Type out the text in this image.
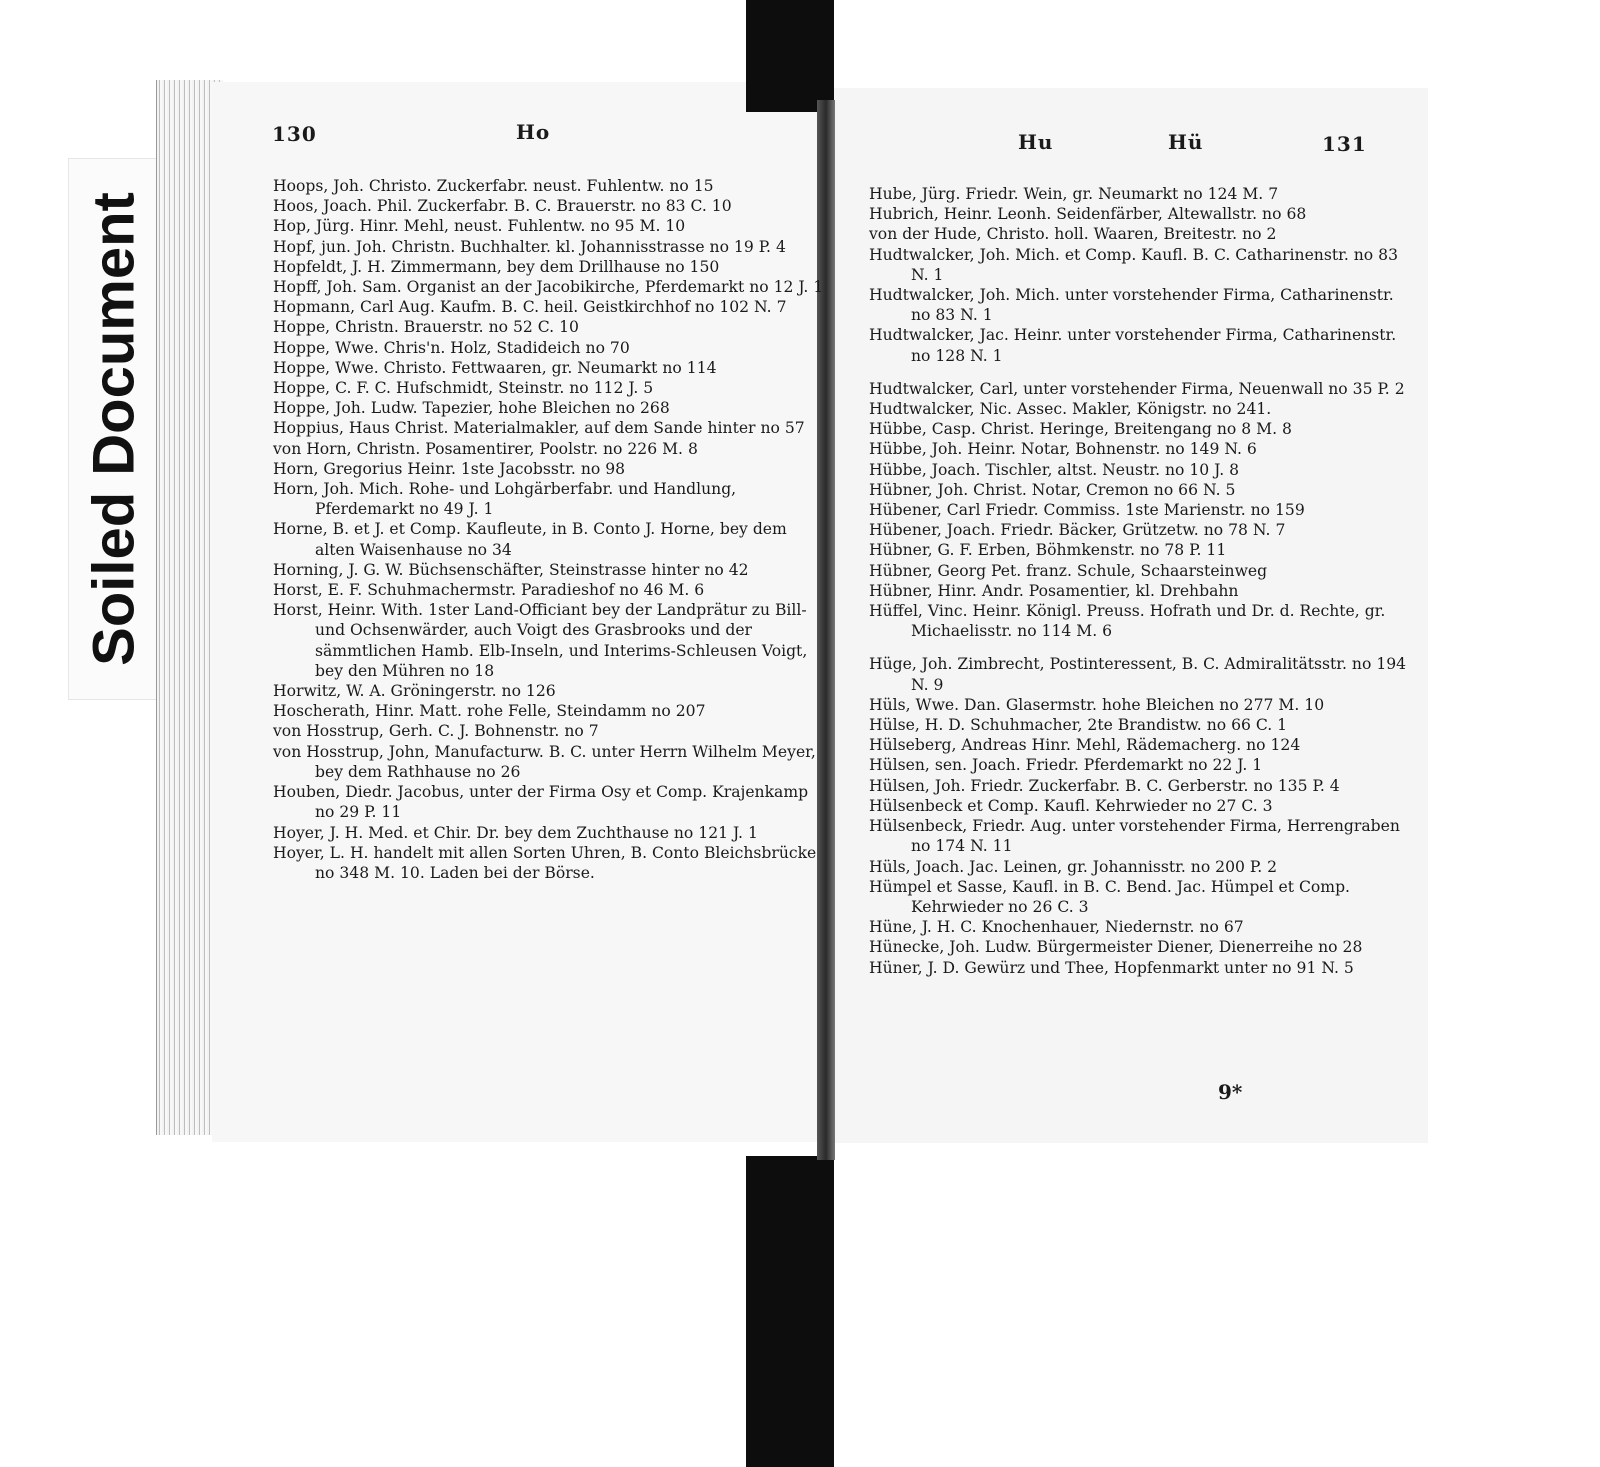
Soiled Document
130	Ho
Hoops, Joh. Christo. Zuckerfabr. neust. Fuhlentw. no 15
Hoos, Joach. Phil. Zuckerfabr. B. C. Brauerstr. no 83 C. 10
Hop, Jürg. Hinr. Mehl, neust. Fuhlentw. no 95 M. 10
Hopf, jun. Joh. Christn. Buchhalter. kl. Johannisstrasse no 19 P. 4
Hopfeldt, J. H. Zimmermann, bey dem Drillhause no 150
Hopff, Joh. Sam. Organist an der Jacobikirche, Pferdemarkt no 12 J. 1
Hopmann, Carl Aug. Kaufm. B. C. heil. Geistkirchhof no 102 N. 7
Hoppe, Christn. Brauerstr. no 52 C. 10
Hoppe, Wwe. Chris'n. Holz, Stadideich no 70
Hoppe, Wwe. Christo. Fettwaaren, gr. Neumarkt no 114
Hoppe, C. F. C. Hufschmidt, Steinstr. no 112 J. 5
Hoppe, Joh. Ludw. Tapezier, hohe Bleichen no 268
Hoppius, Haus Christ. Materialmakler, auf dem Sande hinter no 57
von Horn, Christn. Posamentirer, Poolstr. no 226 M. 8
Horn, Gregorius Heinr. 1ste Jacobsstr. no 98
Horn, Joh. Mich. Rohe- und Lohgärberfabr. und Handlung, Pferdemarkt no 49 J. 1
Horne, B. et J. et Comp. Kaufleute, in B. Conto J. Horne, bey dem alten Waisenhause no 34
Horning, J. G. W. Büchsenschäfter, Steinstrasse hinter no 42
Horst, E. F. Schuhmachermstr. Paradieshof no 46 M. 6
Horst, Heinr. With. 1ster Land-Officiant bey der Landprätur zu Bill- und Ochsenwärder, auch Voigt des Grasbrooks und der sämmtlichen Hamb. Elb-Inseln, und Interims-Schleusen Voigt, bey den Mühren no 18
Horwitz, W. A. Gröningerstr. no 126
Hoscherath, Hinr. Matt. rohe Felle, Steindamm no 207
von Hosstrup, Gerh. C. J. Bohnenstr. no 7
von Hosstrup, John, Manufacturw. B. C. unter Herrn Wilhelm Meyer, bey dem Rathhause no 26
Houben, Diedr. Jacobus, unter der Firma Osy et Comp. Krajenkamp no 29 P. 11
Hoyer, J. H. Med. et Chir. Dr. bey dem Zuchthause no 121 J. 1
Hoyer, L. H. handelt mit allen Sorten Uhren, B. Conto Bleichsbrücke no 348 M. 10. Laden bei der Börse.
Hu	Hü	131
Hube, Jürg. Friedr. Wein, gr. Neumarkt no 124 M. 7
Hubrich, Heinr. Leonh. Seidenfärber, Altewallstr. no 68
von der Hude, Christo. holl. Waaren, Breitestr. no 2
Hudtwalcker, Joh. Mich. et Comp. Kaufl. B. C. Catharinenstr. no 83 N. 1
Hudtwalcker, Joh. Mich. unter vorstehender Firma, Catharinenstr. no 83 N. 1
Hudtwalcker, Jac. Heinr. unter vorstehender Firma, Catharinenstr. no 128 N. 1
Hudtwalcker, Carl, unter vorstehender Firma, Neuenwall no 35 P. 2
Hudtwalcker, Nic. Assec. Makler, Königstr. no 241.
Hübbe, Casp. Christ. Heringe, Breitengang no 8 M. 8
Hübbe, Joh. Heinr. Notar, Bohnenstr. no 149 N. 6
Hübbe, Joach. Tischler, altst. Neustr. no 10 J. 8
Hübner, Joh. Christ. Notar, Cremon no 66 N. 5
Hübener, Carl Friedr. Commiss. 1ste Marienstr. no 159
Hübener, Joach. Friedr. Bäcker, Grützetw. no 78 N. 7
Hübner, G. F. Erben, Böhmkenstr. no 78 P. 11
Hübner, Georg Pet. franz. Schule, Schaarsteinweg
Hübner, Hinr. Andr. Posamentier, kl. Drehbahn
Hüffel, Vinc. Heinr. Königl. Preuss. Hofrath und Dr. d. Rechte, gr. Michaelisstr. no 114 M. 6
Hüge, Joh. Zimbrecht, Postinteressent, B. C. Admiralitätsstr. no 194 N. 9
Hüls, Wwe. Dan. Glasermstr. hohe Bleichen no 277 M. 10
Hülse, H. D. Schuhmacher, 2te Brandistw. no 66 C. 1
Hülseberg, Andreas Hinr. Mehl, Rädemacherg. no 124
Hülsen, sen. Joach. Friedr. Pferdemarkt no 22 J. 1
Hülsen, Joh. Friedr. Zuckerfabr. B. C. Gerberstr. no 135 P. 4
Hülsenbeck et Comp. Kaufl. Kehrwieder no 27 C. 3
Hülsenbeck, Friedr. Aug. unter vorstehender Firma, Herrengraben no 174 N. 11
Hüls, Joach. Jac. Leinen, gr. Johannisstr. no 200 P. 2
Hümpel et Sasse, Kaufl. in B. C. Bend. Jac. Hümpel et Comp. Kehrwieder no 26 C. 3
Hüne, J. H. C. Knochenhauer, Niedernstr. no 67
Hünecke, Joh. Ludw. Bürgermeister Diener, Dienerreihe no 28
Hüner, J. D. Gewürz und Thee, Hopfenmarkt unter no 91 N. 5
9*
